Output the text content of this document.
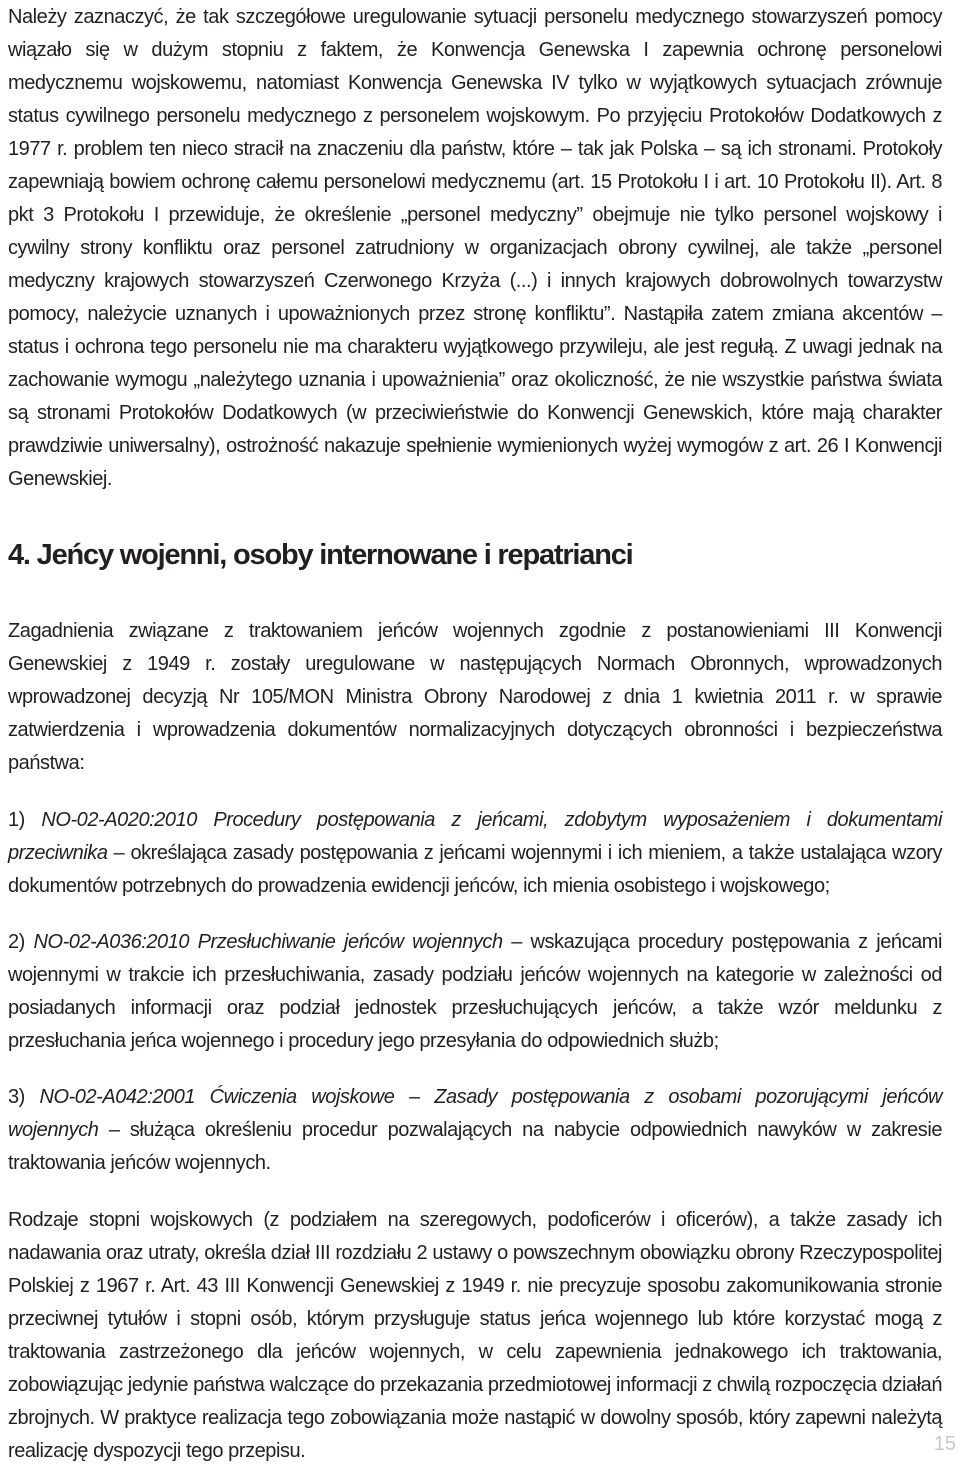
Należy zaznaczyć, że tak szczegółowe uregulowanie sytuacji personelu medycznego stowarzyszeń pomocy wiązało się w dużym stopniu z faktem, że Konwencja Genewska I zapewnia ochronę personelowi medycznemu wojskowemu, natomiast Konwencja Genewska IV tylko w wyjątkowych sytuacjach zrównuje status cywilnego personelu medycznego z personelem wojskowym. Po przyjęciu Protokołów Dodatkowych z 1977 r. problem ten nieco stracił na znaczeniu dla państw, które – tak jak Polska – są ich stronami. Protokoły zapewniają bowiem ochronę całemu personelowi medycznemu (art. 15 Protokołu I i art. 10 Protokołu II). Art. 8 pkt 3 Protokołu I przewiduje, że określenie „personel medyczny” obejmuje nie tylko personel wojskowy i cywilny strony konfliktu oraz personel zatrudniony w organizacjach obrony cywilnej, ale także „personel medyczny krajowych stowarzyszeń Czerwonego Krzyża (...) i innych krajowych dobrowolnych towarzystw pomocy, należycie uznanych i upoważnionych przez stronę konfliktu”. Nastąpiła zatem zmiana akcentów – status i ochrona tego personelu nie ma charakteru wyjątkowego przywileju, ale jest regułą. Z uwagi jednak na zachowanie wymogu „należytego uznania i upoważnienia” oraz okoliczność, że nie wszystkie państwa świata są stronami Protokołów Dodatkowych (w przeciwieństwie do Konwencji Genewskich, które mają charakter prawdziwie uniwersalny), ostrożność nakazuje spełnienie wymienionych wyżej wymogów z art. 26 I Konwencji Genewskiej.

4. Jeńcy wojenni, osoby internowane i repatrianci

Zagadnienia związane z traktowaniem jeńców wojennych zgodnie z postanowieniami III Konwencji Genewskiej z 1949 r. zostały uregulowane w następujących Normach Obronnych, wprowadzonych wprowadzonej decyzją Nr 105/MON Ministra Obrony Narodowej z dnia 1 kwietnia 2011 r. w sprawie zatwierdzenia i wprowadzenia dokumentów normalizacyjnych dotyczących obronności i bezpieczeństwa państwa:

1) NO-02-A020:2010 Procedury postępowania z jeńcami, zdobytym wyposażeniem i dokumentami przeciwnika – określająca zasady postępowania z jeńcami wojennymi i ich mieniem, a także ustalająca wzory dokumentów potrzebnych do prowadzenia ewidencji jeńców, ich mienia osobistego i wojskowego;

2) NO-02-A036:2010 Przesłuchiwanie jeńców wojennych – wskazująca procedury postępowania z jeńcami wojennymi w trakcie ich przesłuchiwania, zasady podziału jeńców wojennych na kategorie w zależności od posiadanych informacji oraz podział jednostek przesłuchujących jeńców, a także wzór meldunku z przesłuchania jeńca wojennego i procedury jego przesyłania do odpowiednich służb;

3) NO-02-A042:2001 Ćwiczenia wojskowe – Zasady postępowania z osobami pozorującymi jeńców wojennych – służąca określeniu procedur pozwalających na nabycie odpowiednich nawyków w zakresie traktowania jeńców wojennych.

Rodzaje stopni wojskowych (z podziałem na szeregowych, podoficerów i oficerów), a także zasady ich nadawania oraz utraty, określa dział III rozdziału 2 ustawy o powszechnym obowiązku obrony Rzeczypospolitej Polskiej z 1967 r. Art. 43 III Konwencji Genewskiej z 1949 r. nie precyzuje sposobu zakomunikowania stronie przeciwnej tytułów i stopni osób, którym przysługuje status jeńca wojennego lub które korzystać mogą z traktowania zastrzeżonego dla jeńców wojennych, w celu zapewnienia jednakowego ich traktowania, zobowiązując jedynie państwa walczące do przekazania przedmiotowej informacji z chwilą rozpoczęcia działań zbrojnych. W praktyce realizacja tego zobowiązania może nastąpić w dowolny sposób, który zapewni należytą realizację dyspozycji tego przepisu.	15
